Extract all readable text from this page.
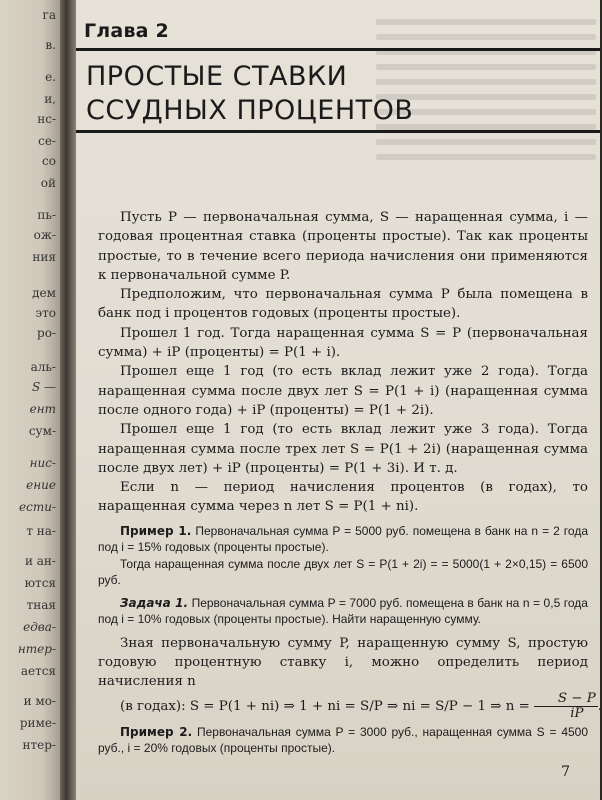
га
в.
е.
и,
нс-
се-
со
ой
пь-
ож-
ния
дем
это
ро-
аль-
S —
ент
сум-
нис-
ение
ести-
т на-
и ан-
ются
тная
едва-
нтер-
ается
и мо-
риме-
нтер-
Глава 2
ПРОСТЫЕ СТАВКИ
ССУДНЫХ ПРОЦЕНТОВ

Пусть P — первоначальная сумма, S — наращенная сумма, i — годовая процентная ставка (проценты простые). Так как проценты простые, то в течение всего периода начисления они применяются к первоначальной сумме P.

Предположим, что первоначальная сумма P была помещена в банк под i процентов годовых (проценты простые).

Прошел 1 год. Тогда наращенная сумма S = P (первоначальная сумма) + iP (проценты) = P(1 + i).

Прошел еще 1 год (то есть вклад лежит уже 2 года). Тогда наращенная сумма после двух лет S = P(1 + i) (наращенная сумма после одного года) + iP (проценты) = P(1 + 2i).

Прошел еще 1 год (то есть вклад лежит уже 3 года). Тогда наращенная сумма после трех лет S = P(1 + 2i) (наращенная сумма после двух лет) + iP (проценты) = P(1 + 3i). И т. д.

Если n — период начисления процентов (в годах), то наращенная сумма через n лет S = P(1 + ni).

Пример 1. Первоначальная сумма P = 5000 руб. помещена в банк на n = 2 года под i = 15% годовых (проценты простые).

Тогда наращенная сумма после двух лет S = P(1 + 2i) = = 5000(1 + 2×0,15) = 6500 руб.

Задача 1. Первоначальная сумма P = 7000 руб. помещена в банк на n = 0,5 года под i = 10% годовых (проценты простые). Найти наращенную сумму.

Зная первоначальную сумму P, наращенную сумму S, простую годовую процентную ставку i, можно определить период начисления n

(в годах): S = P(1 + ni) ⇒ 1 + ni = S/P ⇒ ni = S/P − 1 ⇒ $n = \frac{S - P}{iP}$ .

Пример 2. Первоначальная сумма P = 3000 руб., наращенная сумма S = 4500 руб., i = 20% годовых (проценты простые).

7
